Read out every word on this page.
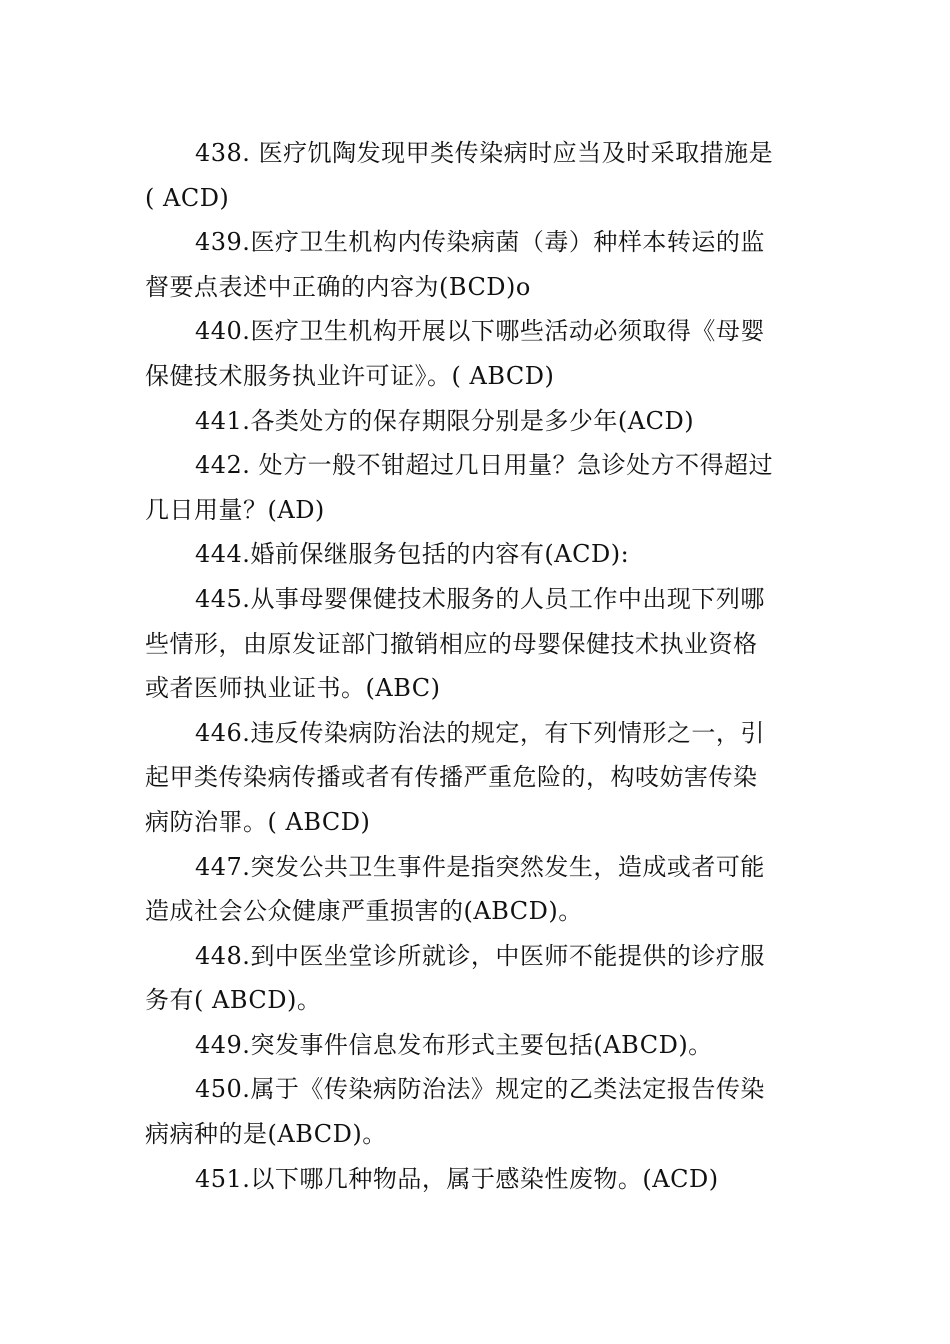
438. 医疗饥陶发现甲类传染病时应当及时采取措施是
( ACD)
439.医疗卫生机构内传染病菌（毒）种样本转运的监
督要点表述中正确的内容为(BCD)o
440.医疗卫生机构开展以下哪些活动必须取得《母婴
保健技术服务执业许可证》。( ABCD)
441.各类处方的保存期限分别是多少年(ACD)
442. 处方一般不钳超过几日用量？急诊处方不得超过
几日用量？(AD)
444.婚前保继服务包括的内容有(ACD):
445.从事母婴倮健技术服务的人员工作中出现下列哪
些情形，由原发证部门撤销相应的母婴保健技术执业资格
或者医师执业证书。(ABC)
446.违反传染病防治法的规定，有下列情形之一，引
起甲类传染病传播或者有传播严重危险的，构吱妨害传染
病防治罪。( ABCD)
447.突发公共卫生事件是指突然发生，造成或者可能
造成社会公众健康严重损害的(ABCD)。
448.到中医坐堂诊所就诊，中医师不能提供的诊疗服
务有( ABCD)。
449.突发事件信息发布形式主要包括(ABCD)。
450.属于《传染病防治法》规定的乙类法定报告传染
病病种的是(ABCD)。
451.以下哪几种物品，属于感染性废物。(ACD)
